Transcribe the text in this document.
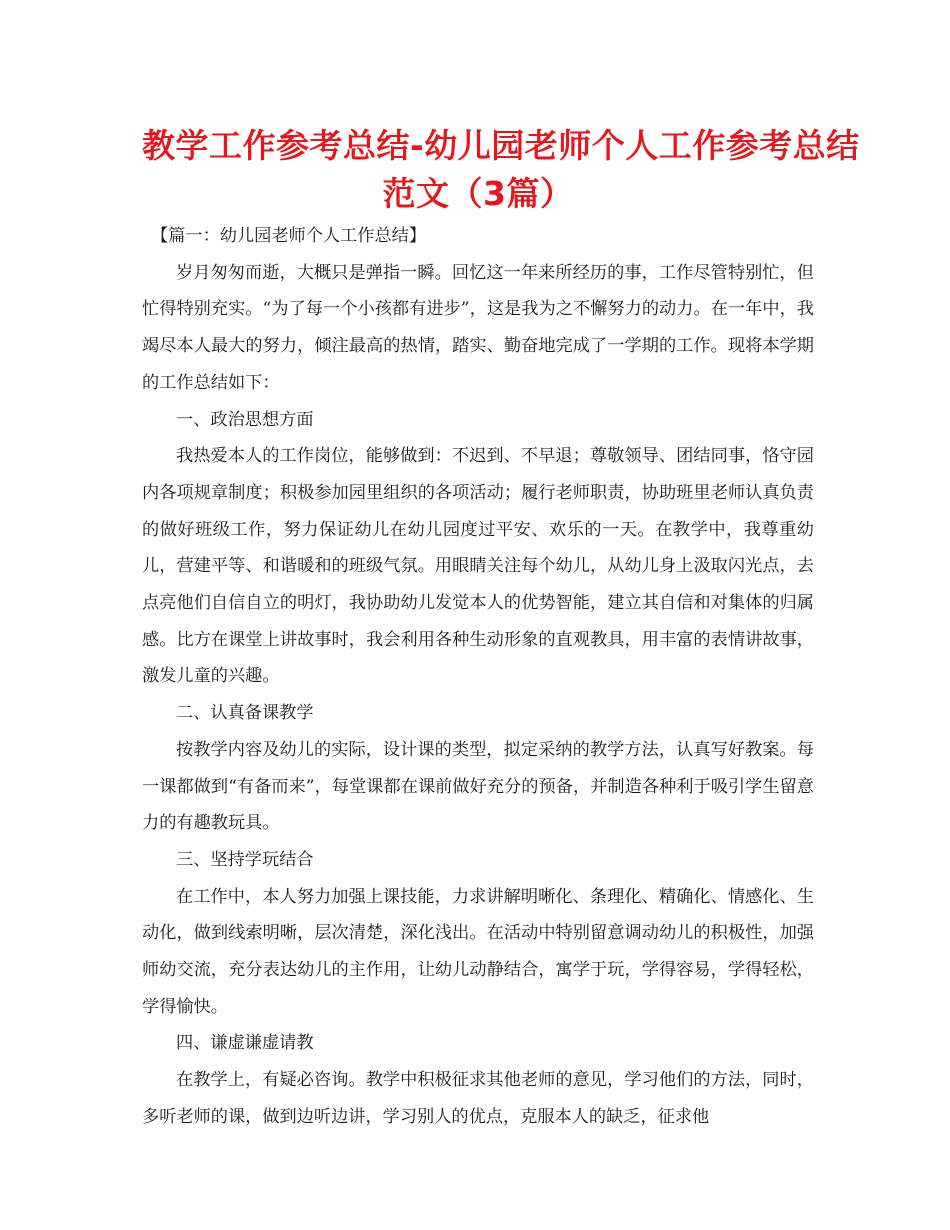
教学工作参考总结-幼儿园老师个人工作参考总结
范文（3篇）

【篇一：幼儿园老师个人工作总结】

岁月匆匆而逝，大概只是弹指一瞬。回忆这一年来所经历的事，工作尽管特别忙，但忙得特别充实。“为了每一个小孩都有进步”，这是我为之不懈努力的动力。在一年中，我竭尽本人最大的努力，倾注最高的热情，踏实、勤奋地完成了一学期的工作。现将本学期的工作总结如下：

一、政治思想方面

我热爱本人的工作岗位，能够做到：不迟到、不早退；尊敬领导、团结同事，恪守园内各项规章制度；积极参加园里组织的各项活动；履行老师职责，协助班里老师认真负责的做好班级工作，努力保证幼儿在幼儿园度过平安、欢乐的一天。在教学中，我尊重幼儿，营建平等、和谐暖和的班级气氛。用眼睛关注每个幼儿，从幼儿身上汲取闪光点，去点亮他们自信自立的明灯，我协助幼儿发觉本人的优势智能，建立其自信和对集体的归属感。比方在课堂上讲故事时，我会利用各种生动形象的直观教具，用丰富的表情讲故事，激发儿童的兴趣。

二、认真备课教学

按教学内容及幼儿的实际，设计课的类型，拟定采纳的教学方法，认真写好教案。每一课都做到“有备而来”，每堂课都在课前做好充分的预备，并制造各种利于吸引学生留意力的有趣教玩具。

三、坚持学玩结合

在工作中，本人努力加强上课技能，力求讲解明晰化、条理化、精确化、情感化、生动化，做到线索明晰，层次清楚，深化浅出。在活动中特别留意调动幼儿的积极性，加强师幼交流，充分表达幼儿的主作用，让幼儿动静结合，寓学于玩，学得容易，学得轻松，学得愉快。

四、谦虚谦虚请教

在教学上，有疑必咨询。教学中积极征求其他老师的意见，学习他们的方法，同时，多听老师的课，做到边听边讲，学习别人的优点，克服本人的缺乏，征求他
